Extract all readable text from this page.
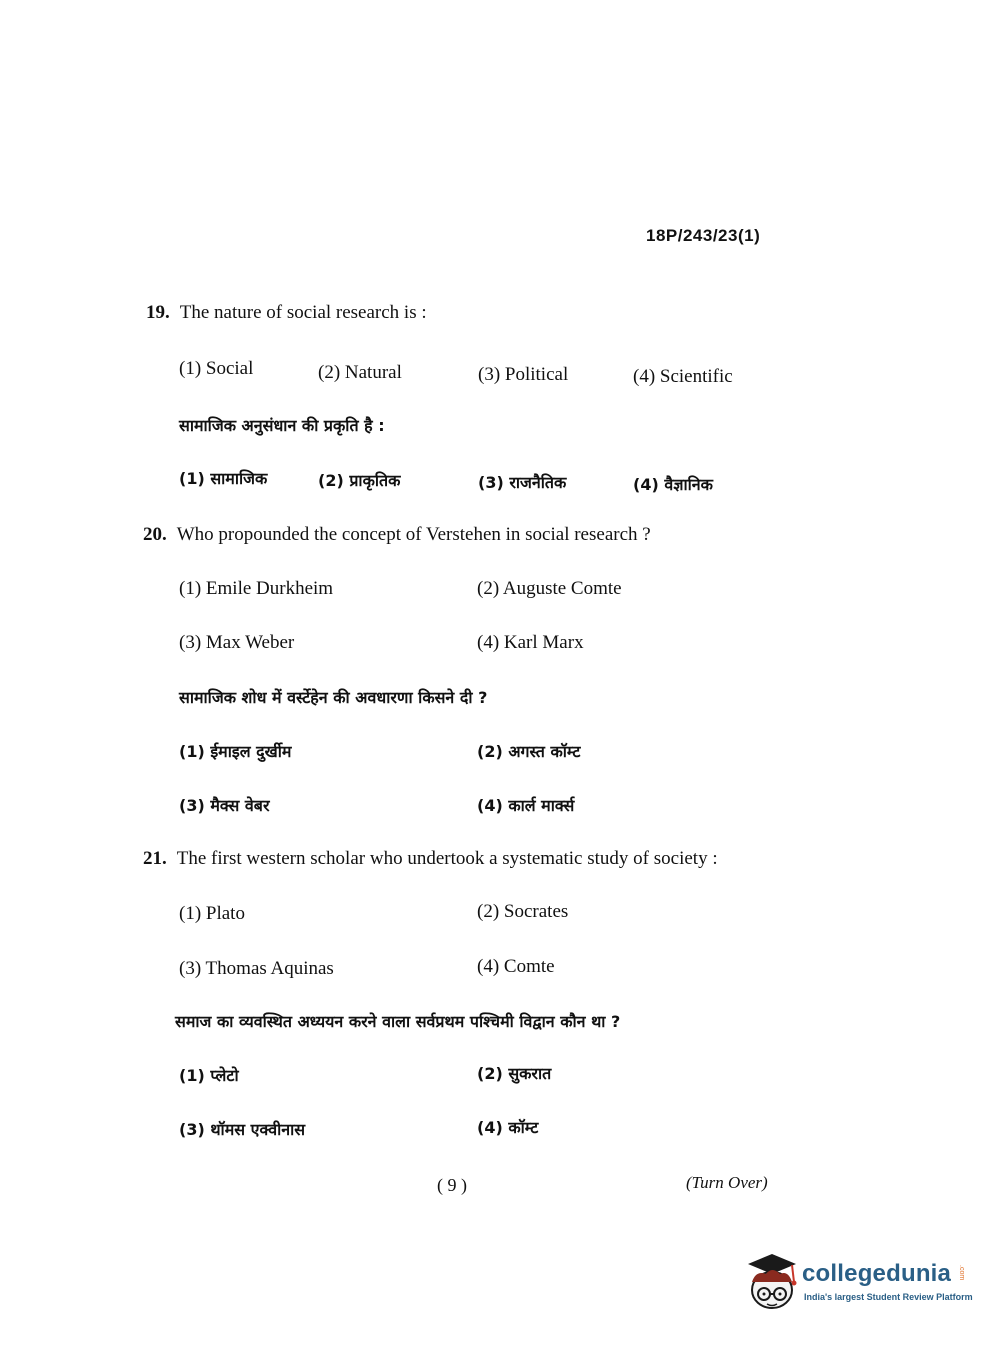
18P/243/23(1)
19. The nature of social research is :
(1) Social	(2) Natural	(3) Political	(4) Scientific
सामाजिक अनुसंधान की प्रकृति है :
(1) सामाजिक	(2) प्राकृतिक	(3) राजनैतिक	(4) वैज्ञानिक
20. Who propounded the concept of Verstehen in social research ?
(1) Emile Durkheim	(2) Auguste Comte
(3) Max Weber	(4) Karl Marx
सामाजिक शोध में वर्स्टेहेन की अवधारणा किसने दी ?
(1) ईमाइल दुर्खीम	(2) अगस्त कॉम्ट
(3) मैक्स वेबर	(4) कार्ल मार्क्स
21. The first western scholar who undertook a systematic study of society :
(1) Plato	(2) Socrates
(3) Thomas Aquinas	(4) Comte
समाज का व्यवस्थित अध्ययन करने वाला सर्वप्रथम पश्चिमी विद्वान कौन था ?
(1) प्लेटो	(2) सुकरात
(3) थॉमस एक्वीनास	(4) कॉम्ट
( 9 )	(Turn Over)
collegedunia .com
India's largest Student Review Platform
